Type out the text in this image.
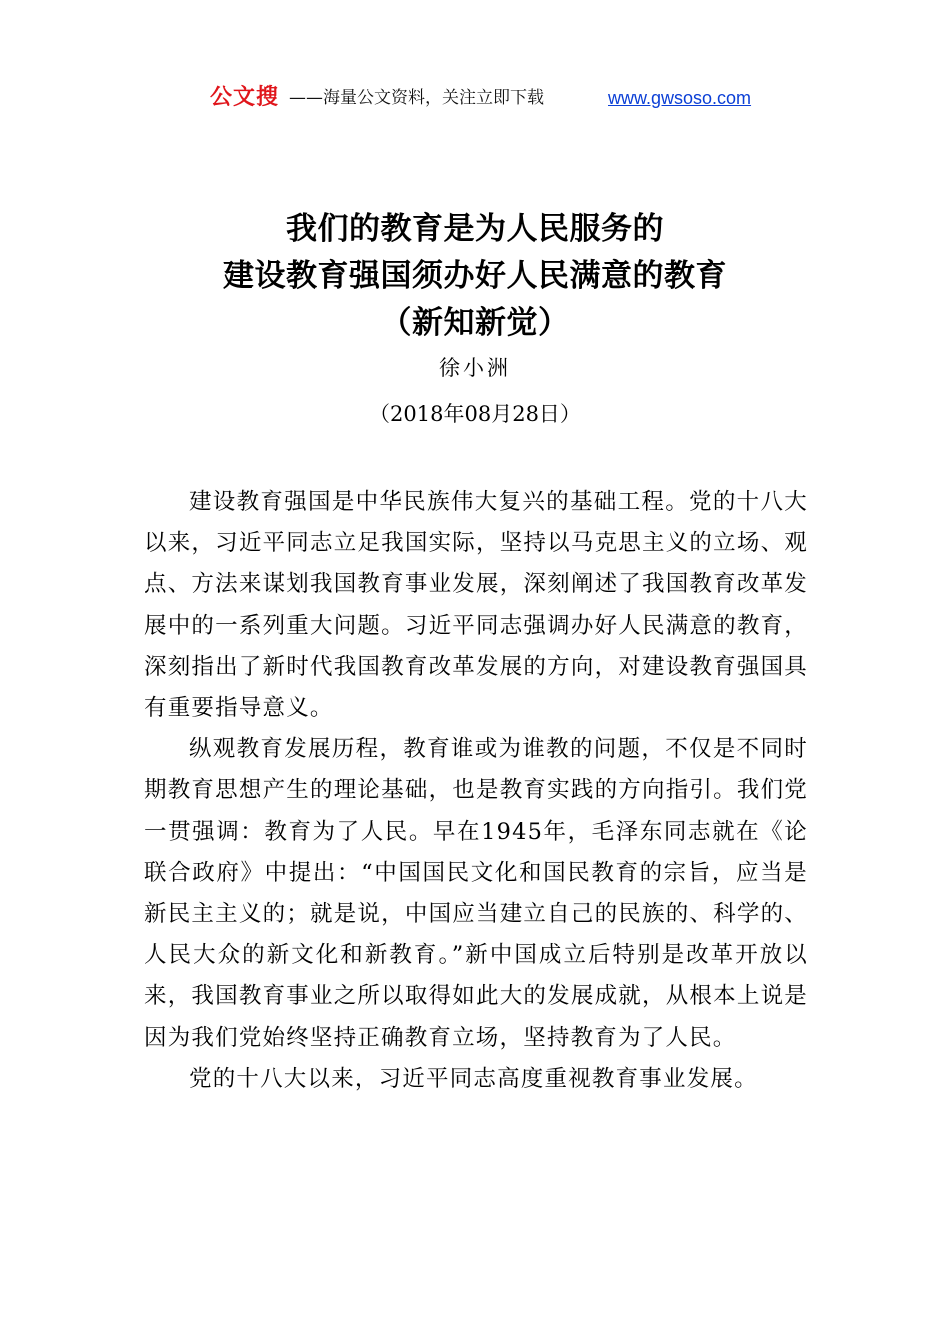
公文搜 ——海量公文资料，关注立即下载	www.gwsoso.com
我们的教育是为人民服务的
建设教育强国须办好人民满意的教育
（新知新觉）
徐小洲
（2018年08月28日）

建设教育强国是中华民族伟大复兴的基础工程。党的十八大以来，习近平同志立足我国实际，坚持以马克思主义的立场、观点、方法来谋划我国教育事业发展，深刻阐述了我国教育改革发展中的一系列重大问题。习近平同志强调办好人民满意的教育，深刻指出了新时代我国教育改革发展的方向，对建设教育强国具有重要指导意义。

纵观教育发展历程，教育谁或为谁教的问题，不仅是不同时期教育思想产生的理论基础，也是教育实践的方向指引。我们党一贯强调：教育为了人民。早在1945年，毛泽东同志就在《论联合政府》中提出：“中国国民文化和国民教育的宗旨，应当是新民主主义的；就是说，中国应当建立自己的民族的、科学的、人民大众的新文化和新教育。”新中国成立后特别是改革开放以来，我国教育事业之所以取得如此大的发展成就，从根本上说是因为我们党始终坚持正确教育立场，坚持教育为了人民。

党的十八大以来，习近平同志高度重视教育事业发展。
